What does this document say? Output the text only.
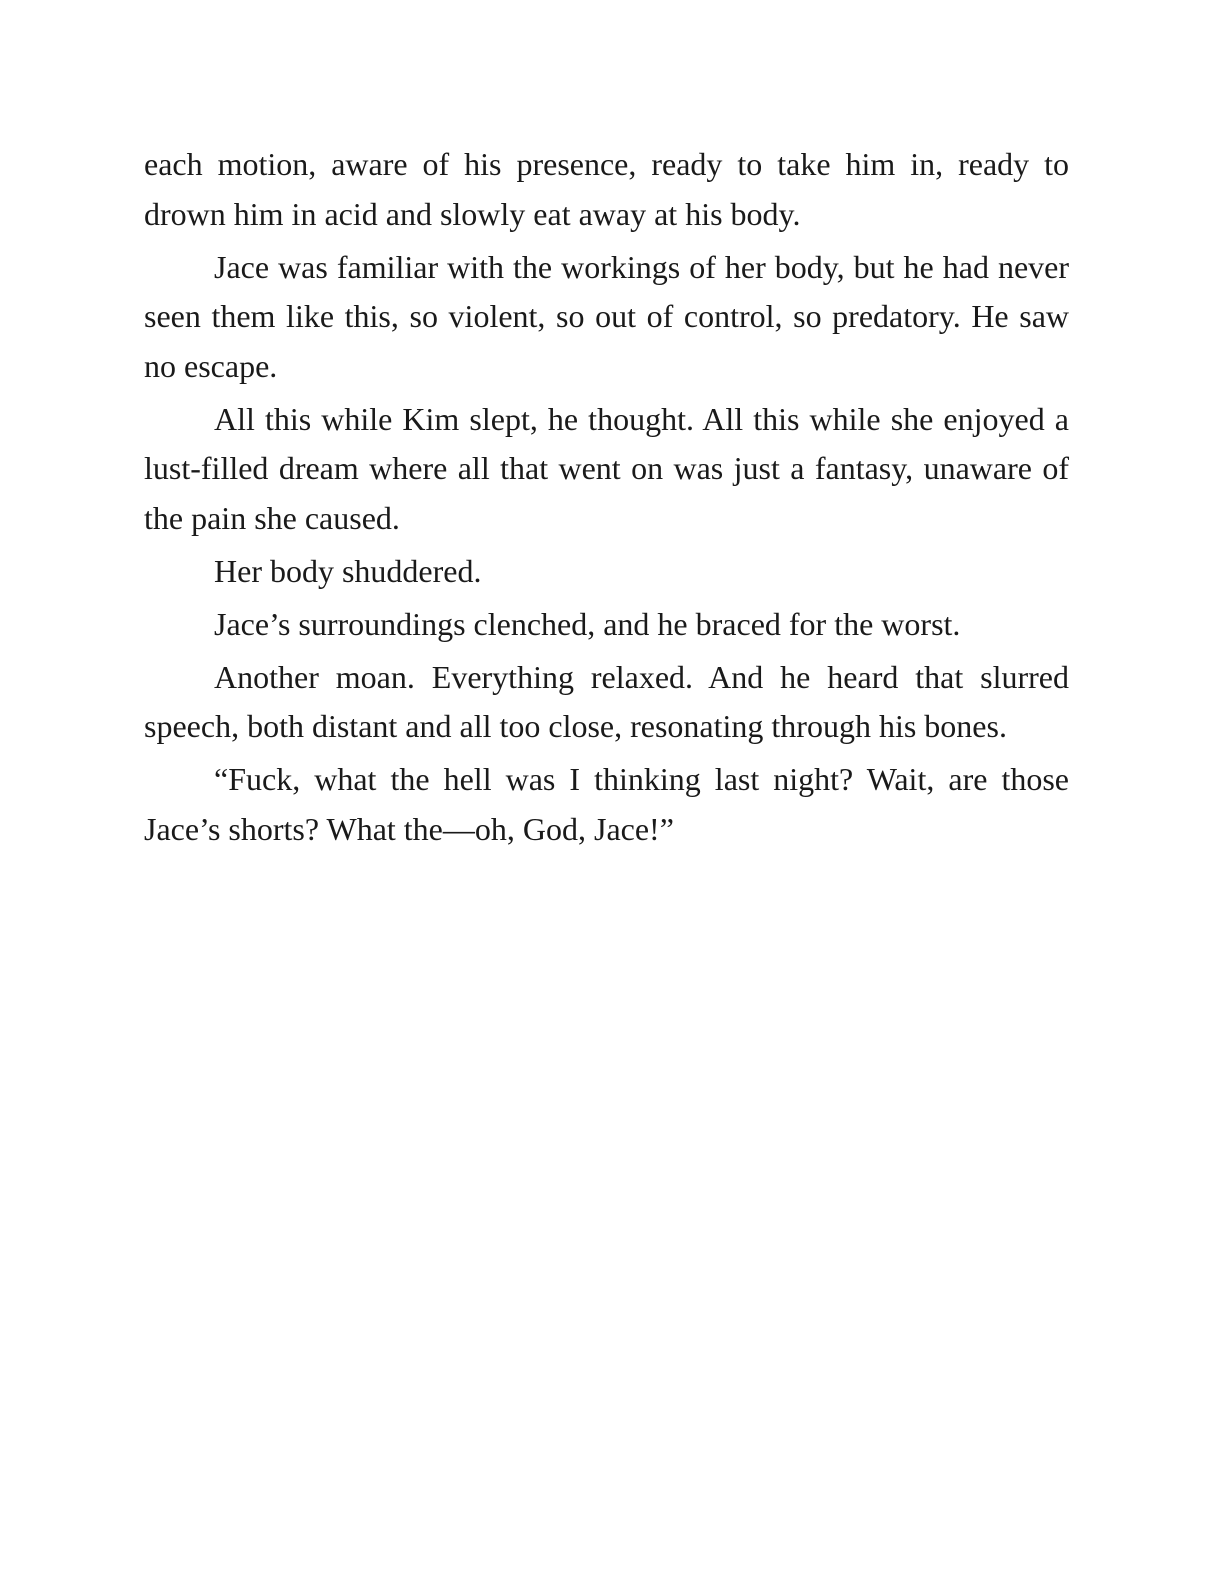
each motion, aware of his presence, ready to take him in, ready to drown him in acid and slowly eat away at his body.

Jace was familiar with the workings of her body, but he had never seen them like this, so violent, so out of control, so predatory. He saw no escape.

All this while Kim slept, he thought. All this while she enjoyed a lust-filled dream where all that went on was just a fantasy, unaware of the pain she caused.

Her body shuddered.

Jace’s surroundings clenched, and he braced for the worst.

Another moan. Everything relaxed. And he heard that slurred speech, both distant and all too close, resonating through his bones.

“Fuck, what the hell was I thinking last night? Wait, are those Jace’s shorts? What the—oh, God, Jace!”
